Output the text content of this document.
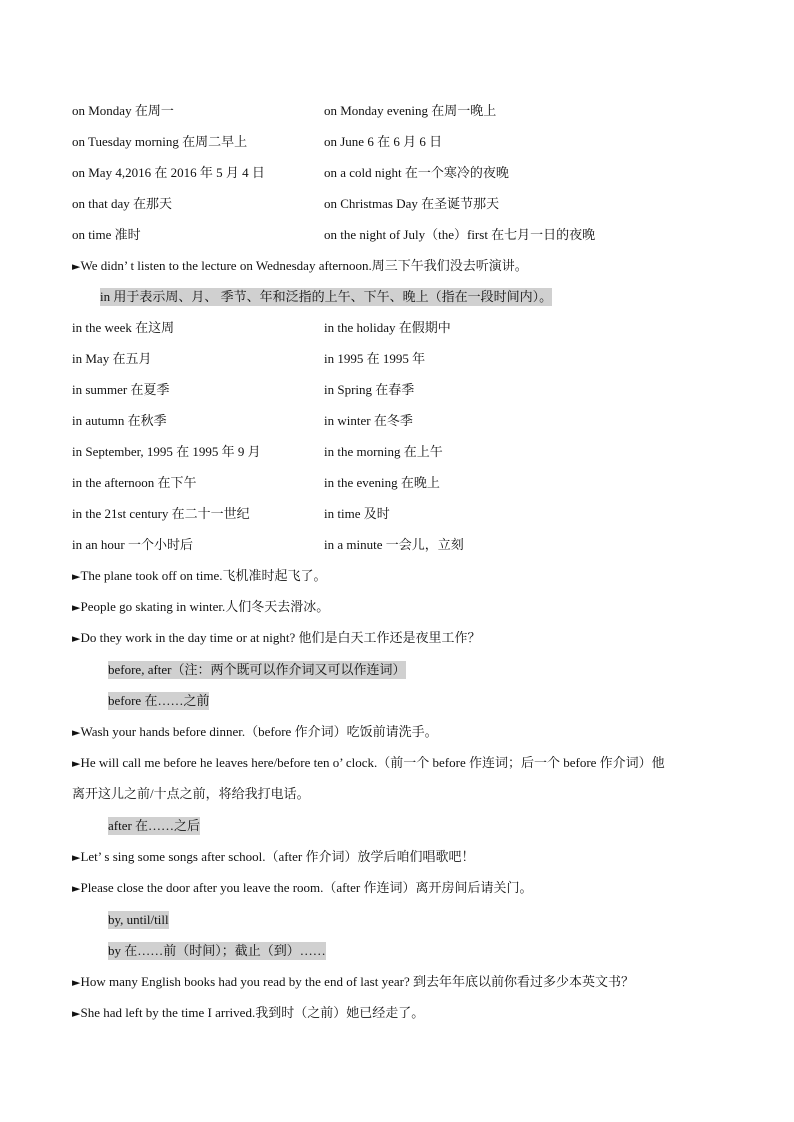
on Monday 在周一	on Monday evening 在周一晚上
on Tuesday morning 在周二早上	on June 6 在 6 月 6 日
on May 4,2016 在 2016 年 5 月 4 日	on a cold night 在一个寒冷的夜晚
on that day 在那天	on Christmas Day 在圣诞节那天
on time 准时	on the night of July（the）first 在七月一日的夜晚
►We didn’ t listen to the lecture on Wednesday afternoon.周三下午我们没去听演讲。
in 用于表示周、月、 季节、年和泛指的上午、下午、晚上（指在一段时间内）。
in the week 在这周	in the holiday 在假期中
in May 在五月	in 1995 在 1995 年
in summer 在夏季	in Spring 在春季
in autumn 在秋季	in winter 在冬季
in September, 1995 在 1995 年 9 月	in the morning 在上午
in the afternoon 在下午	in the evening 在晚上
in the 21st century 在二十一世纪	in time 及时
in an hour 一个小时后	in a minute 一会儿，立刻
►The plane took off on time.飞机准时起飞了。
►People go skating in winter.人们冬天去滑冰。
►Do they work in the day time or at night? 他们是白天工作还是夜里工作？
before, after（注：两个既可以作介词又可以作连词）
before 在……之前
►Wash your hands before dinner.（before 作介词）吃饭前请洗手。
►He will call me before he leaves here/before ten o’ clock.（前一个 before 作连词；后一个 before 作介词）他
离开这儿之前/十点之前，将给我打电话。
after 在……之后
►Let’ s sing some songs after school.（after 作介词）放学后咱们唱歌吧！
►Please close the door after you leave the room.（after 作连词）离开房间后请关门。
by, until/till
by 在……前（时间）；截止（到）……
►How many English books had you read by the end of last year? 到去年年底以前你看过多少本英文书？
►She had left by the time I arrived.我到时（之前）她已经走了。
